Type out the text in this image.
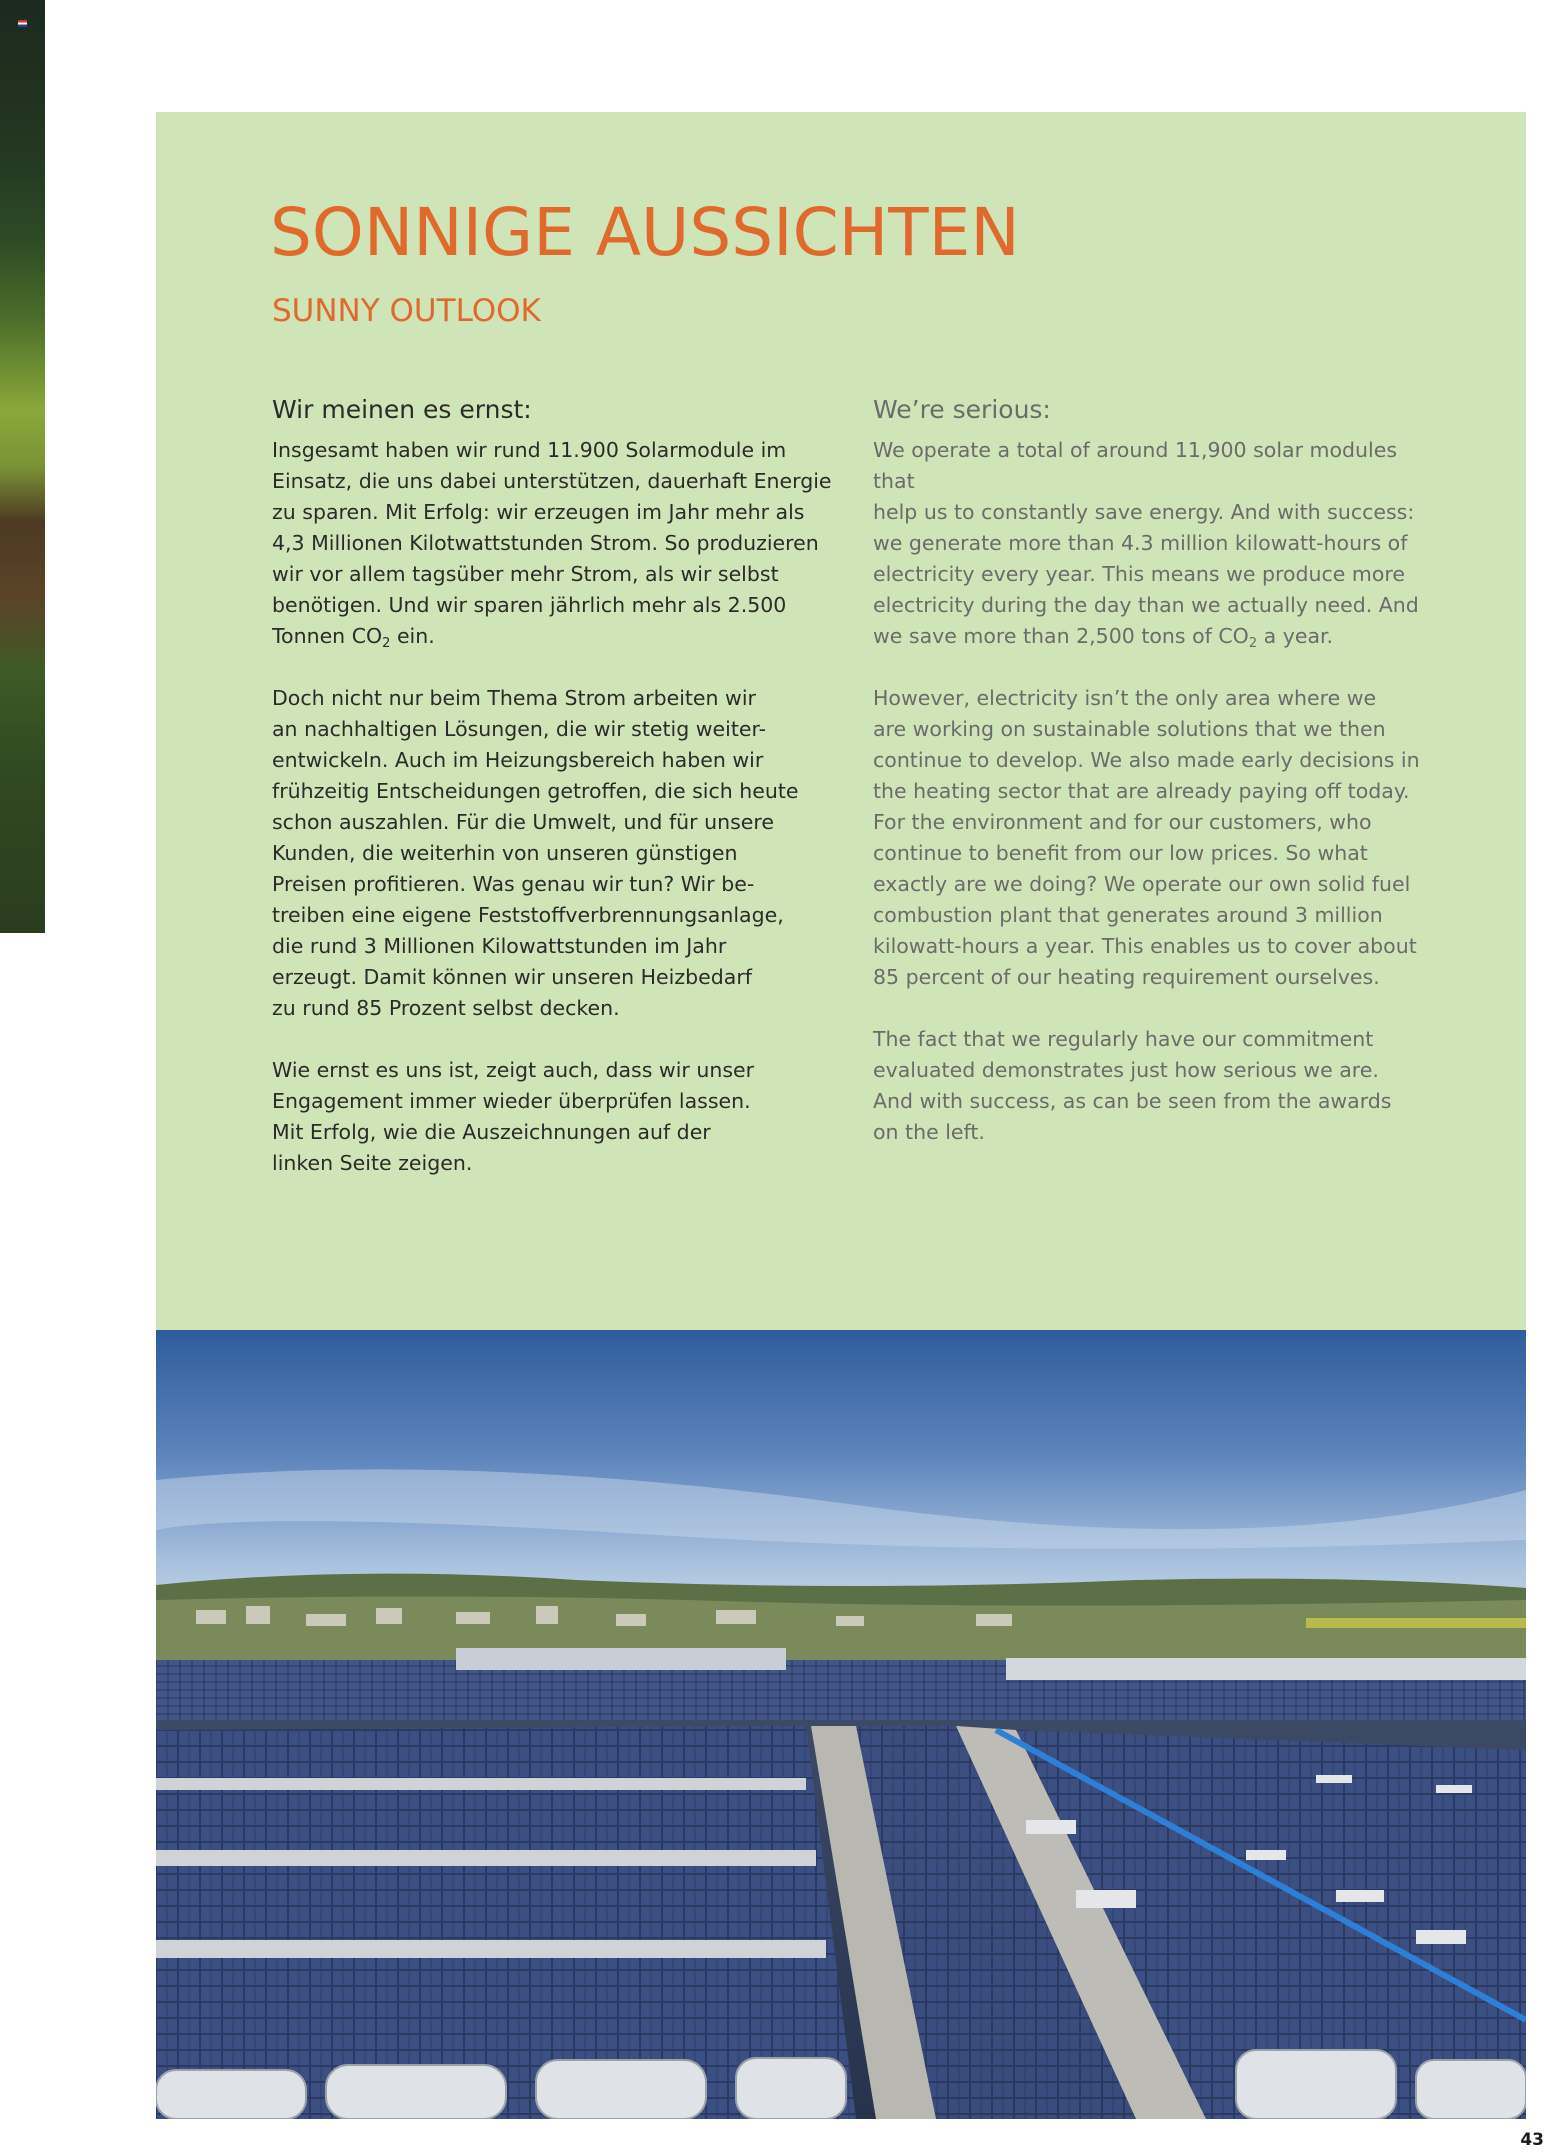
SONNIGE AUSSICHTEN
SUNNY OUTLOOK
Wir meinen es ernst:

Insgesamt haben wir rund 11.900 Solarmodule im
Einsatz, die uns dabei unterstützen, dauerhaft Energie
zu sparen. Mit Erfolg: wir erzeugen im Jahr mehr als
4,3 Millionen Kilotwattstunden Strom. So produzieren
wir vor allem tagsüber mehr Strom, als wir selbst
benötigen. Und wir sparen jährlich mehr als 2.500
Tonnen $CO_2$ ein.

Doch nicht nur beim Thema Strom arbeiten wir
an nachhaltigen Lösungen, die wir stetig weiter-
entwickeln. Auch im Heizungsbereich haben wir
frühzeitig Entscheidungen getroffen, die sich heute
schon auszahlen. Für die Umwelt, und für unsere
Kunden, die weiterhin von unseren günstigen
Preisen profitieren. Was genau wir tun? Wir be-
treiben eine eigene Feststoffverbrennungsanlage,
die rund 3 Millionen Kilowattstunden im Jahr
erzeugt. Damit können wir unseren Heizbedarf
zu rund 85 Prozent selbst decken.

Wie ernst es uns ist, zeigt auch, dass wir unser
Engagement immer wieder überprüfen lassen.
Mit Erfolg, wie die Auszeichnungen auf der
linken Seite zeigen.

We’re serious:

We operate a total of around 11,900 solar modules that
help us to constantly save energy. And with success:
we generate more than 4.3 million kilowatt-hours of
electricity every year. This means we produce more
electricity during the day than we actually need. And
we save more than 2,500 tons of $CO_2$ a year.

However, electricity isn’t the only area where we
are working on sustainable solutions that we then
continue to develop. We also made early decisions in
the heating sector that are already paying off today.
For the environment and for our customers, who
continue to benefit from our low prices. So what
exactly are we doing? We operate our own solid fuel
combustion plant that generates around 3 million
kilowatt-hours a year. This enables us to cover about
85 percent of our heating requirement ourselves.

The fact that we regularly have our commitment
evaluated demonstrates just how serious we are.
And with success, as can be seen from the awards
on the left.

43
